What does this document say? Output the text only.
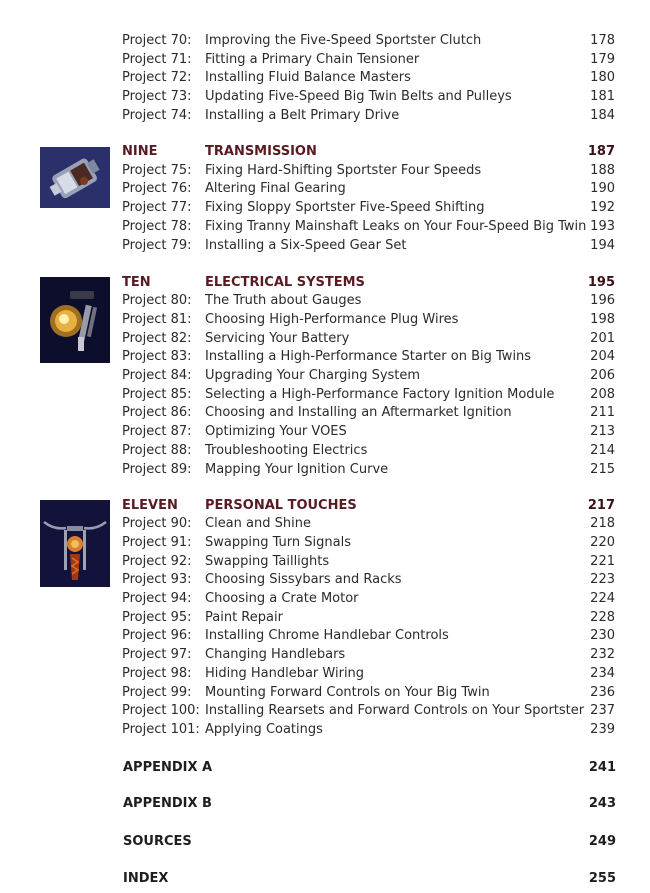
Project 70: Improving the Five-Speed Sportster Clutch	178
Project 71: Fitting a Primary Chain Tensioner	179
Project 72: Installing Fluid Balance Masters	180
Project 73: Updating Five-Speed Big Twin Belts and Pulleys	181
Project 74: Installing a Belt Primary Drive	184
NINE	TRANSMISSION	187
Project 75: Fixing Hard-Shifting Sportster Four Speeds	188
Project 76: Altering Final Gearing	190
Project 77: Fixing Sloppy Sportster Five-Speed Shifting	192
Project 78: Fixing Tranny Mainshaft Leaks on Your Four-Speed Big Twin 193
Project 79: Installing a Six-Speed Gear Set	194
TEN	ELECTRICAL SYSTEMS	195
Project 80: The Truth about Gauges	196
Project 81: Choosing High-Performance Plug Wires	198
Project 82: Servicing Your Battery	201
Project 83: Installing a High-Performance Starter on Big Twins	204
Project 84: Upgrading Your Charging System	206
Project 85: Selecting a High-Performance Factory Ignition Module	208
Project 86: Choosing and Installing an Aftermarket Ignition	211
Project 87: Optimizing Your VOES	213
Project 88: Troubleshooting Electrics	214
Project 89: Mapping Your Ignition Curve	215
ELEVEN PERSONAL TOUCHES	217
Project 90: Clean and Shine	218
Project 91: Swapping Turn Signals	220
Project 92: Swapping Taillights	221
Project 93: Choosing Sissybars and Racks	223
Project 94: Choosing a Crate Motor	224
Project 95: Paint Repair	228
Project 96: Installing Chrome Handlebar Controls	230
Project 97: Changing Handlebars	232
Project 98: Hiding Handlebar Wiring	234
Project 99: Mounting Forward Controls on Your Big Twin	236
Project 100: Installing Rearsets and Forward Controls on Your Sportster 237
Project 101: Applying Coatings	239
APPENDIX A	241
APPENDIX B	243
SOURCES	249
INDEX	255
